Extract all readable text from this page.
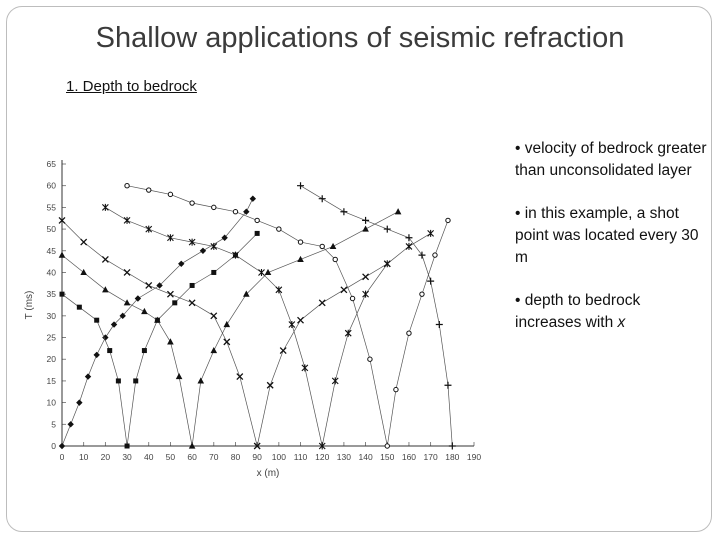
Shallow applications of seismic refraction
1. Depth to bedrock
• velocity of bedrock greater than unconsolidated layer
• in this example, a shot point was located every 30 m
• depth to bedrock increases with x
0 10 20 30 40 50 60 70 80 90 100 110 120 130 140 150 160 170 180 190
0
5
10
15
20
25
30
35
40
45
50
55
60
65
x (m)
T (ms)
